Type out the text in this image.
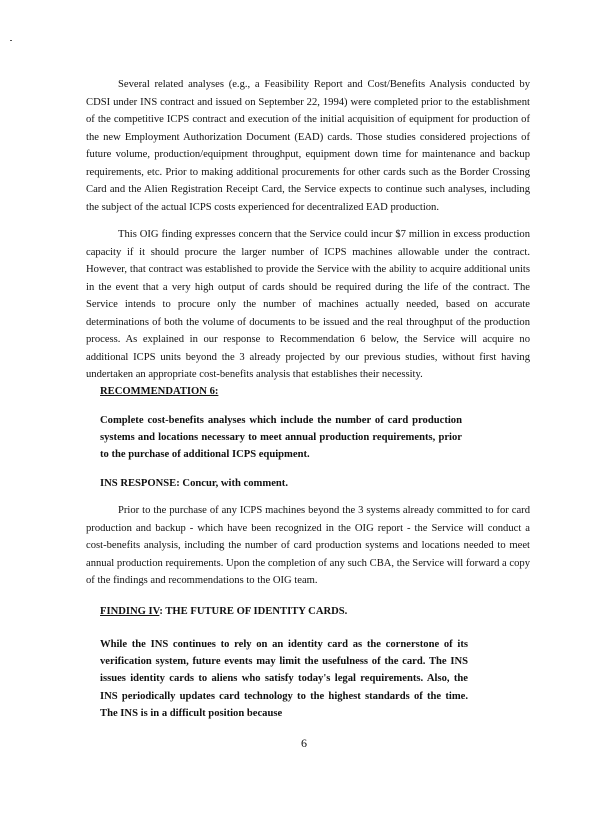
Several related analyses (e.g., a Feasibility Report and Cost/Benefits Analysis conducted by CDSI under INS contract and issued on September 22, 1994) were completed prior to the establishment of the competitive ICPS contract and execution of the initial acquisition of equipment for production of the new Employment Authorization Document (EAD) cards. Those studies considered projections of future volume, production/equipment throughput, equipment down time for maintenance and backup requirements, etc. Prior to making additional procurements for other cards such as the Border Crossing Card and the Alien Registration Receipt Card, the Service expects to continue such analyses, including the subject of the actual ICPS costs experienced for decentralized EAD production.

This OIG finding expresses concern that the Service could incur $7 million in excess production capacity if it should procure the larger number of ICPS machines allowable under the contract. However, that contract was established to provide the Service with the ability to acquire additional units in the event that a very high output of cards should be required during the life of the contract. The Service intends to procure only the number of machines actually needed, based on accurate determinations of both the volume of documents to be issued and the real throughput of the production process. As explained in our response to Recommendation 6 below, the Service will acquire no additional ICPS units beyond the 3 already projected by our previous studies, without first having undertaken an appropriate cost-benefits analysis that establishes their necessity.

RECOMMENDATION 6:

Complete cost-benefits analyses which include the number of card production systems and locations necessary to meet annual production requirements, prior to the purchase of additional ICPS equipment.

INS RESPONSE: Concur, with comment.

Prior to the purchase of any ICPS machines beyond the 3 systems already committed to for card production and backup - which have been recognized in the OIG report - the Service will conduct a cost-benefits analysis, including the number of card production systems and locations needed to meet annual production requirements. Upon the completion of any such CBA, the Service will forward a copy of the findings and recommendations to the OIG team.

FINDING IV: THE FUTURE OF IDENTITY CARDS.

While the INS continues to rely on an identity card as the cornerstone of its verification system, future events may limit the usefulness of the card. The INS issues identity cards to aliens who satisfy today's legal requirements. Also, the INS periodically updates card technology to the highest standards of the time. The INS is in a difficult position because

6
